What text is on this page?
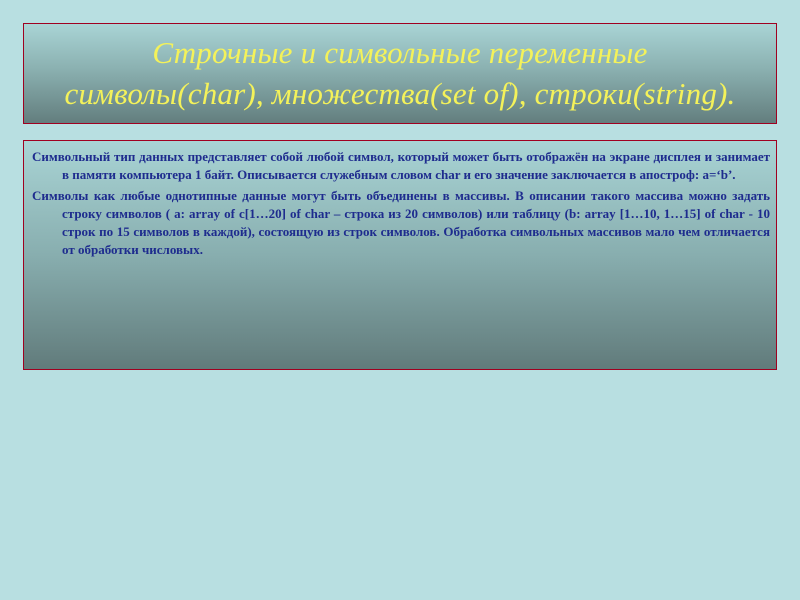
Строчные и символьные переменные
символы(char), множества(set of), строки(string).

Символьный тип данных представляет собой любой символ, который может быть отображён на экране дисплея и занимает в памяти компьютера 1 байт. Описывается служебным словом char и его значение заключается в апостроф: a=‘b’.

Символы как любые однотипные данные могут быть объединены в массивы. В описании такого массива можно задать строку символов ( a: array of c[1…20] of char – строка из 20 символов) или таблицу (b: array [1…10, 1…15] of char - 10 строк по 15 символов в каждой), состоящую из строк символов. Обработка символьных массивов мало чем отличается от обработки числовых.
